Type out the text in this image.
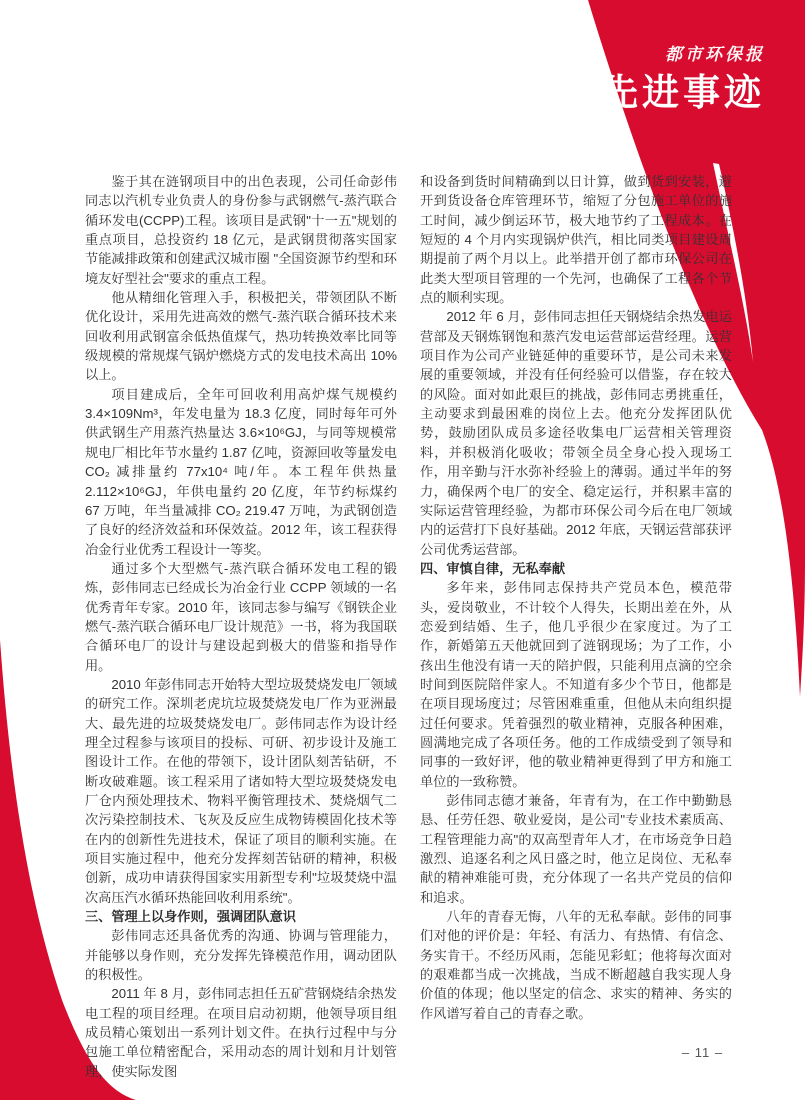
都市环保报
先进事迹

鉴于其在涟钢项目中的出色表现，公司任命彭伟同志以汽机专业负责人的身份参与武钢燃气-蒸汽联合循环发电(CCPP)工程。该项目是武钢"十一五"规划的重点项目，总投资约 18 亿元，是武钢贯彻落实国家节能减排政策和创建武汉城市圈 "全国资源节约型和环境友好型社会"要求的重点工程。

他从精细化管理入手，积极把关，带领团队不断优化设计，采用先进高效的燃气-蒸汽联合循环技术来回收利用武钢富余低热值煤气，热功转换效率比同等级规模的常规煤气锅炉燃烧方式的发电技术高出 10% 以上。

项目建成后，全年可回收利用高炉煤气规模约 3.4×109Nm³，年发电量为 18.3 亿度，同时每年可外供武钢生产用蒸汽热量达 3.6×10⁶GJ，与同等规模常规电厂相比年节水量约 1.87 亿吨，资源回收等量发电 CO₂ 减排量约 77x10⁴ 吨/年。本工程年供热量 2.112×10⁶GJ，年供电量约 20 亿度，年节约标煤约 67 万吨，年当量减排 CO₂ 219.47 万吨，为武钢创造了良好的经济效益和环保效益。2012 年，该工程获得冶金行业优秀工程设计一等奖。

通过多个大型燃气-蒸汽联合循环发电工程的锻炼，彭伟同志已经成长为冶金行业 CCPP 领域的一名优秀青年专家。2010 年，该同志参与编写《钢铁企业燃气-蒸汽联合循环电厂设计规范》一书，将为我国联合循环电厂的设计与建设起到极大的借鉴和指导作用。

2010 年彭伟同志开始特大型垃圾焚烧发电厂领域的研究工作。深圳老虎坑垃圾焚烧发电厂作为亚洲最大、最先进的垃圾焚烧发电厂。彭伟同志作为设计经理全过程参与该项目的投标、可研、初步设计及施工图设计工作。在他的带领下，设计团队刻苦钻研，不断攻破难题。该工程采用了诸如特大型垃圾焚烧发电厂仓内预处理技术、物料平衡管理技术、焚烧烟气二次污染控制技术、飞灰及反应生成物铸模固化技术等在内的创新性先进技术，保证了项目的顺利实施。在项目实施过程中，他充分发挥刻苦钻研的精神，积极创新，成功申请获得国家实用新型专利"垃圾焚烧中温次高压汽水循环热能回收利用系统"。

三、管理上以身作则，强调团队意识

彭伟同志还具备优秀的沟通、协调与管理能力，并能够以身作则，充分发挥先锋模范作用，调动团队的积极性。

2011 年 8 月，彭伟同志担任五矿营钢烧结余热发电工程的项目经理。在项目启动初期，他领导项目组成员精心策划出一系列计划文件。在执行过程中与分包施工单位精密配合，采用动态的周计划和月计划管理，使实际发图

和设备到货时间精确到以日计算，做到货到安装，避开到货设备仓库管理环节，缩短了分包施工单位的施工时间，减少倒运环节，极大地节约了工程成本。在短短的 4 个月内实现锅炉供汽，相比同类项目建设周期提前了两个月以上。此举措开创了都市环保公司在此类大型项目管理的一个先河，也确保了工程各个节点的顺利实现。

2012 年 6 月，彭伟同志担任天钢烧结余热发电运营部及天钢炼钢饱和蒸汽发电运营部运营经理。运营项目作为公司产业链延伸的重要环节，是公司未来发展的重要领域，并没有任何经验可以借鉴，存在较大的风险。面对如此艰巨的挑战，彭伟同志勇挑重任，主动要求到最困难的岗位上去。他充分发挥团队优势，鼓励团队成员多途径收集电厂运营相关管理资料，并积极消化吸收；带领全员全身心投入现场工作，用辛勤与汗水弥补经验上的薄弱。通过半年的努力，确保两个电厂的安全、稳定运行，并积累丰富的实际运营管理经验，为都市环保公司今后在电厂领域内的运营打下良好基础。2012 年底，天钢运营部获评公司优秀运营部。

四、审慎自律，无私奉献

多年来，彭伟同志保持共产党员本色，模范带头，爱岗敬业，不计较个人得失，长期出差在外，从恋爱到结婚、生子，他几乎很少在家度过。为了工作，新婚第五天他就回到了涟钢现场；为了工作，小孩出生他没有请一天的陪护假，只能利用点滴的空余时间到医院陪伴家人。不知道有多少个节日，他都是在项目现场度过；尽管困难重重，但他从未向组织提过任何要求。凭着强烈的敬业精神，克服各种困难，圆满地完成了各项任务。他的工作成绩受到了领导和同事的一致好评，他的敬业精神更得到了甲方和施工单位的一致称赞。

彭伟同志德才兼备，年青有为，在工作中勤勤恳恳、任劳任怨、敬业爱岗，是公司"专业技术素质高、工程管理能力高"的双高型青年人才，在市场竞争日趋激烈、追逐名利之风日盛之时，他立足岗位、无私奉献的精神难能可贵，充分体现了一名共产党员的信仰和追求。

八年的青春无悔，八年的无私奉献。彭伟的同事们对他的评价是：年轻、有活力、有热情、有信念、务实肯干。不经历风雨，怎能见彩虹；他将每次面对的艰难都当成一次挑战，当成不断超越自我实现人身价值的体现；他以坚定的信念、求实的精神、务实的作风谱写着自己的青春之歌。

– 11 –
